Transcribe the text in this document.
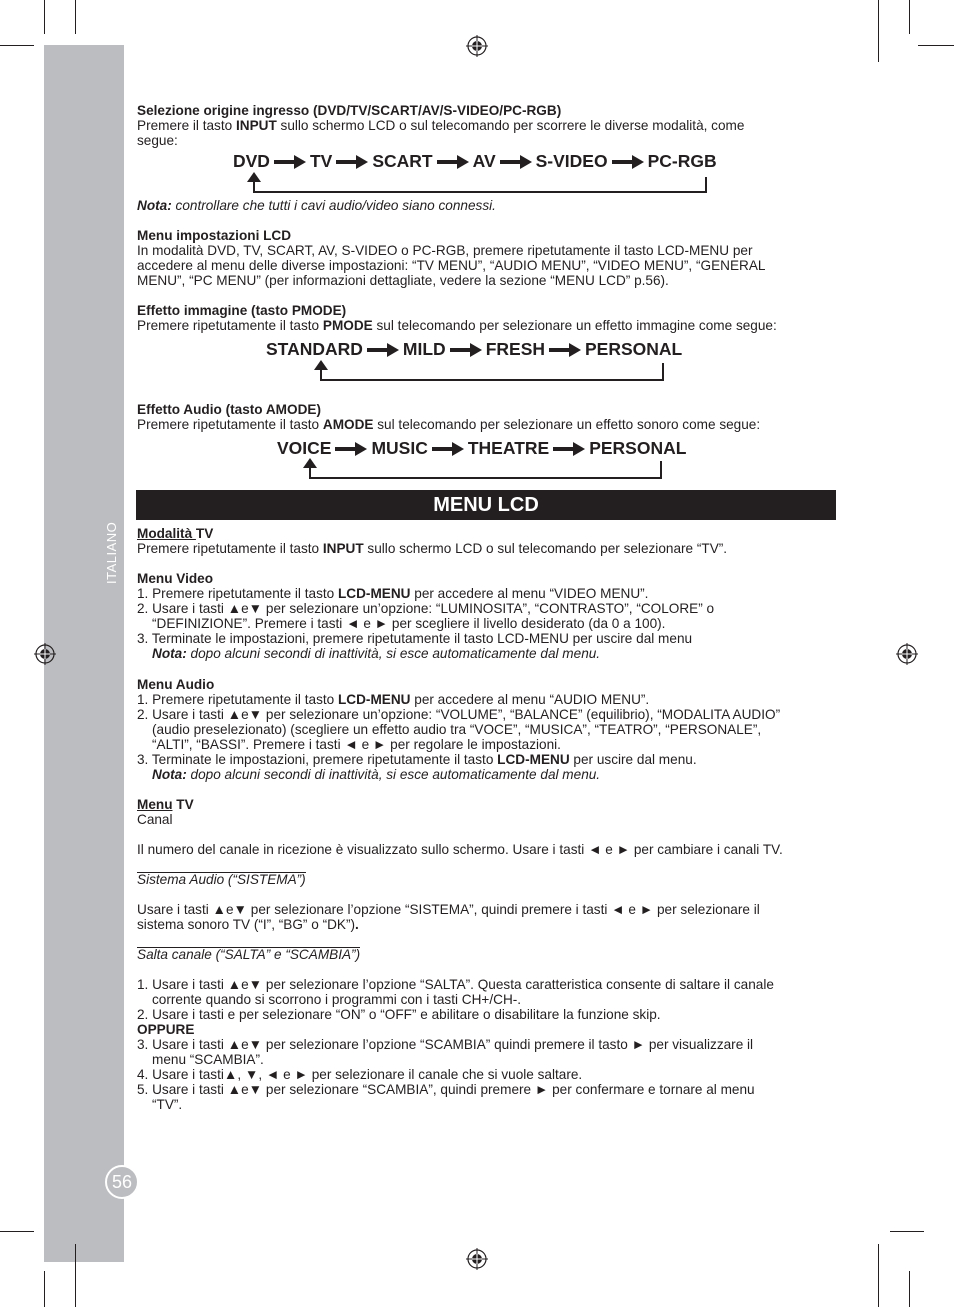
56
Selezione origine ingresso (DVD/TV/SCART/AV/S-VIDEO/PC-RGB)
Premere il tasto INPUT sullo schermo LCD o sul telecomando per scorrere le diverse modalità, come
segue:
DVD TV SCART AV S-VIDEO PC-RGB
Nota: controllare che tutti i cavi audio/video siano connessi.
Menu impostazioni LCD
In modalità DVD, TV, SCART, AV, S-VIDEO o PC-RGB, premere ripetutamente il tasto LCD-MENU per
accedere al menu delle diverse impostazioni: “TV MENU”, “AUDIO MENU”, “VIDEO MENU”, “GENERAL
MENU”, “PC MENU” (per informazioni dettagliate, vedere la sezione “MENU LCD” p.56).
Effetto immagine (tasto PMODE)
Premere ripetutamente il tasto PMODE sul telecomando per selezionare un effetto immagine come segue:
STANDARD MILD FRESH PERSONAL
Effetto Audio (tasto AMODE)
Premere ripetutamente il tasto AMODE sul telecomando per selezionare un effetto sonoro come segue:
VOICE MUSIC THEATRE PERSONAL
MENU LCD
Modalità TV
Premere ripetutamente il tasto INPUT sullo schermo LCD o sul telecomando per selezionare “TV”.
Menu Video
1. Premere ripetutamente il tasto LCD-MENU per accedere al menu “VIDEO MENU”.
2. Usare i tasti ▲e▼ per selezionare un’opzione: “LUMINOSITA”, “CONTRASTO”, “COLORE” o
“DEFINIZIONE”. Premere i tasti ◄ e ► per scegliere il livello desiderato (da 0 a 100).
3. Terminate le impostazioni, premere ripetutamente il tasto LCD-MENU per uscire dal menu
Nota: dopo alcuni secondi di inattività, si esce automaticamente dal menu.
Menu Audio
1. Premere ripetutamente il tasto LCD-MENU per accedere al menu “AUDIO MENU”.
2. Usare i tasti ▲e▼ per selezionare un’opzione: “VOLUME”, “BALANCE” (equilibrio), “MODALITA AUDIO”
(audio preselezionato) (scegliere un effetto audio tra “VOCE”, “MUSICA”, “TEATRO”, “PERSONALE”,
“ALTI”, “BASSI”. Premere i tasti ◄ e ► per regolare le impostazioni.
3. Terminate le impostazioni, premere ripetutamente il tasto LCD-MENU per uscire dal menu.
Nota: dopo alcuni secondi di inattività, si esce automaticamente dal menu.
Menu TV
Canal
Il numero del canale in ricezione è visualizzato sullo schermo. Usare i tasti ◄ e ► per cambiare i canali TV.
Sistema Audio (“SISTEMA”)
Usare i tasti ▲e▼ per selezionare l’opzione “SISTEMA”, quindi premere i tasti ◄ e ► per selezionare il
sistema sonoro TV (“I”, “BG” o “DK”).
Salta canale (“SALTA” e “SCAMBIA”)
1. Usare i tasti ▲e▼ per selezionare l’opzione “SALTA”. Questa caratteristica consente di saltare il canale
corrente quando si scorrono i programmi con i tasti CH+/CH-.
2. Usare i tasti e per selezionare “ON” o “OFF” e abilitare o disabilitare la funzione skip.
OPPURE
3. Usare i tasti ▲e▼ per selezionare l’opzione “SCAMBIA” quindi premere il tasto ► per visualizzare il
menu “SCAMBIA”.
4. Usare i tasti▲, ▼, ◄ e ► per selezionare il canale che si vuole saltare.
5. Usare i tasti ▲e▼ per selezionare “SCAMBIA”, quindi premere ► per confermare e tornare al menu
“TV”.
